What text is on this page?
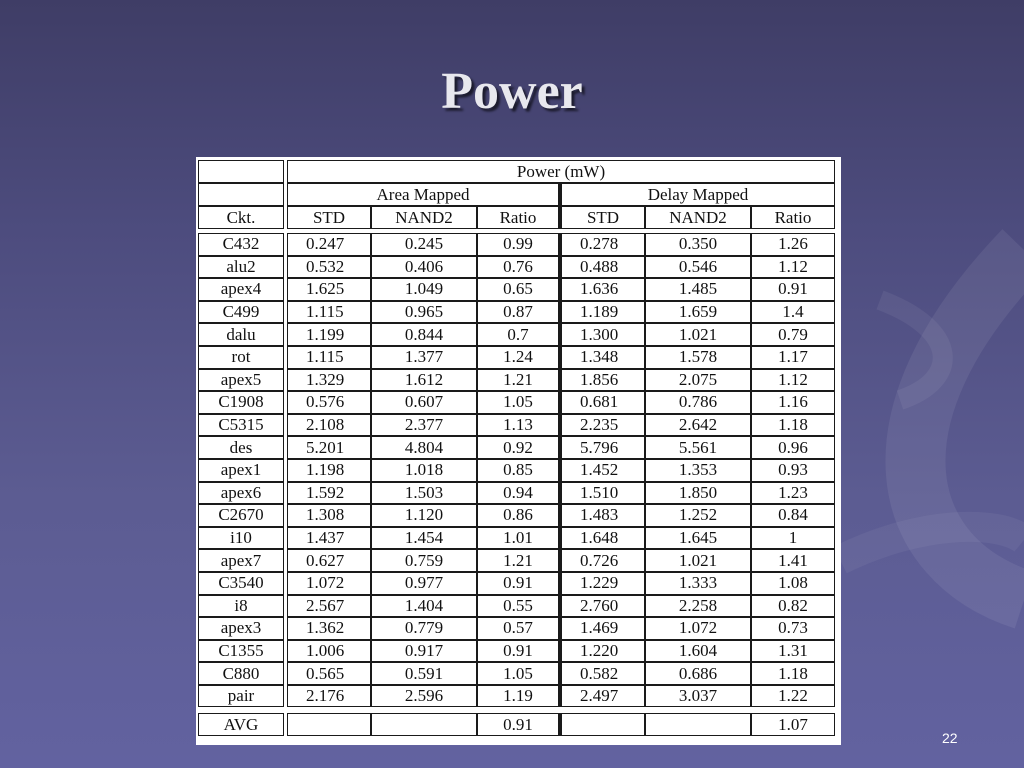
Power
		Power (mW)					
		Area Mapped			Delay Mapped		
Ckt.		STD	NAND2	Ratio	STD	NAND2	Ratio

C432		0.247	0.245	0.99	0.278	0.350	1.26
alu2		0.532	0.406	0.76	0.488	0.546	1.12
apex4		1.625	1.049	0.65	1.636	1.485	0.91
C499		1.115	0.965	0.87	1.189	1.659	1.4
dalu		1.199	0.844	0.7	1.300	1.021	0.79
rot		1.115	1.377	1.24	1.348	1.578	1.17
apex5		1.329	1.612	1.21	1.856	2.075	1.12
C1908		0.576	0.607	1.05	0.681	0.786	1.16
C5315		2.108	2.377	1.13	2.235	2.642	1.18
des		5.201	4.804	0.92	5.796	5.561	0.96
apex1		1.198	1.018	0.85	1.452	1.353	0.93
apex6		1.592	1.503	0.94	1.510	1.850	1.23
C2670		1.308	1.120	0.86	1.483	1.252	0.84
i10		1.437	1.454	1.01	1.648	1.645	1
apex7		0.627	0.759	1.21	0.726	1.021	1.41
C3540		1.072	0.977	0.91	1.229	1.333	1.08
i8		2.567	1.404	0.55	2.760	2.258	0.82
apex3		1.362	0.779	0.57	1.469	1.072	0.73
C1355		1.006	0.917	0.91	1.220	1.604	1.31
C880		0.565	0.591	1.05	0.582	0.686	1.18
pair		2.176	2.596	1.19	2.497	3.037	1.22

AVG				0.91			1.07
22
